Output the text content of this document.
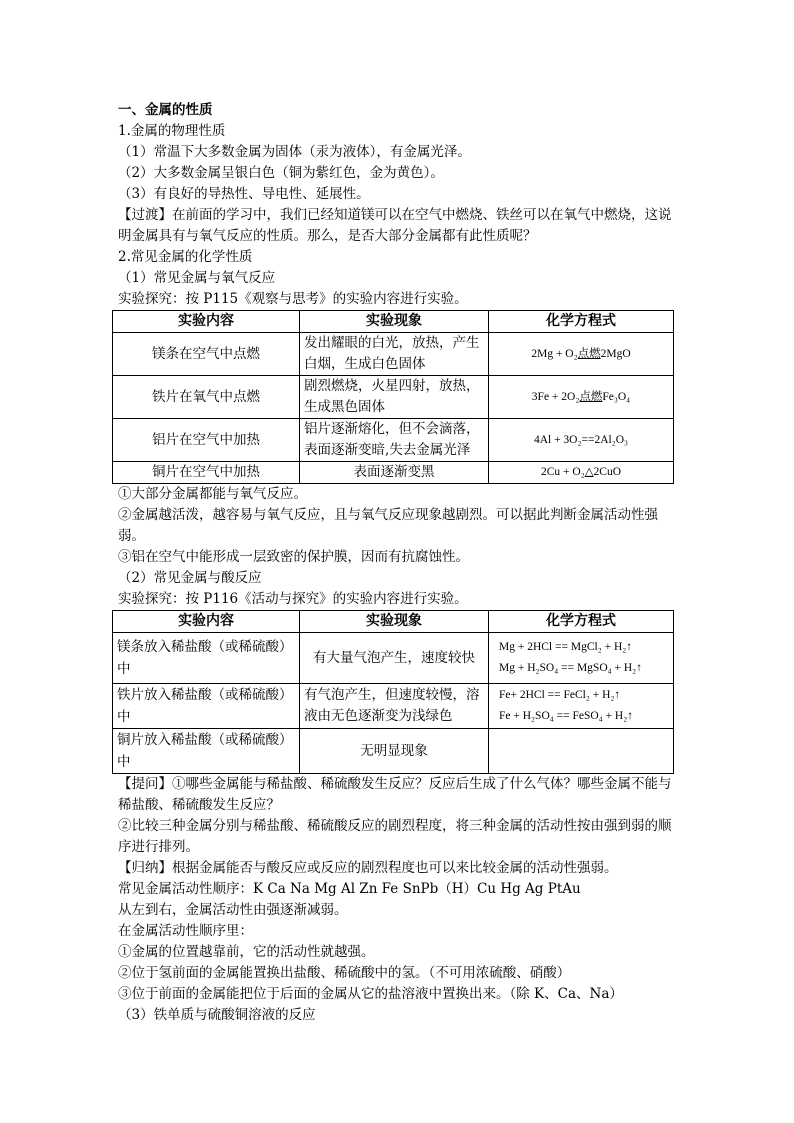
一、金属的性质
1.金属的物理性质
（1）常温下大多数金属为固体（汞为液体），有金属光泽。
（2）大多数金属呈银白色（铜为紫红色，金为黄色）。
（3）有良好的导热性、导电性、延展性。
【过渡】在前面的学习中，我们已经知道镁可以在空气中燃烧、铁丝可以在氧气中燃烧，这说明金属具有与氧气反应的性质。那么，是否大部分金属都有此性质呢？
2.常见金属的化学性质
（1）常见金属与氧气反应
实验探究：按 P115《观察与思考》的实验内容进行实验。
实验内容	实验现象	化学方程式
镁条在空气中点燃	发出耀眼的白光，放热，产生白烟，生成白色固体	2Mg + O₂点燃2MgO
铁片在氧气中点燃	剧烈燃烧，火星四射，放热，生成黑色固体	3Fe + 2O₂点燃Fe₃O₄
铝片在空气中加热	铝片逐渐熔化，但不会滴落，表面逐渐变暗,失去金属光泽	4Al + 3O₂==2Al₂O₃
铜片在空气中加热	表面逐渐变黑	2Cu + O₂△2CuO
①大部分金属都能与氧气反应。
②金属越活泼，越容易与氧气反应，且与氧气反应现象越剧烈。可以据此判断金属活动性强弱。
③铝在空气中能形成一层致密的保护膜，因而有抗腐蚀性。
（2）常见金属与酸反应
实验探究：按 P116《活动与探究》的实验内容进行实验。
实验内容	实验现象	化学方程式
镁条放入稀盐酸（或稀硫酸）中	有大量气泡产生，速度较快	Mg + 2HCl == MgCl₂ + H₂↑
Mg + H₂SO₄ == MgSO₄ + H₂↑

铁片放入稀盐酸（或稀硫酸）中	有气泡产生，但速度较慢，溶液由无色逐渐变为浅绿色	Fe+ 2HCl == FeCl₂ + H₂↑
Fe + H₂SO₄ == FeSO₄ + H₂↑

铜片放入稀盐酸（或稀硫酸）中	无明显现象	
【提问】①哪些金属能与稀盐酸、稀硫酸发生反应？反应后生成了什么气体？哪些金属不能与稀盐酸、稀硫酸发生反应？
②比较三种金属分别与稀盐酸、稀硫酸反应的剧烈程度，将三种金属的活动性按由强到弱的顺序进行排列。
【归纳】根据金属能否与酸反应或反应的剧烈程度也可以来比较金属的活动性强弱。
常见金属活动性顺序：K Ca Na Mg Al Zn Fe SnPb（H）Cu Hg Ag PtAu
从左到右，金属活动性由强逐渐减弱。
在金属活动性顺序里：
①金属的位置越靠前，它的活动性就越强。
②位于氢前面的金属能置换出盐酸、稀硫酸中的氢。（不可用浓硫酸、硝酸）
③位于前面的金属能把位于后面的金属从它的盐溶液中置换出来。（除 K、Ca、Na）
（3）铁单质与硫酸铜溶液的反应
